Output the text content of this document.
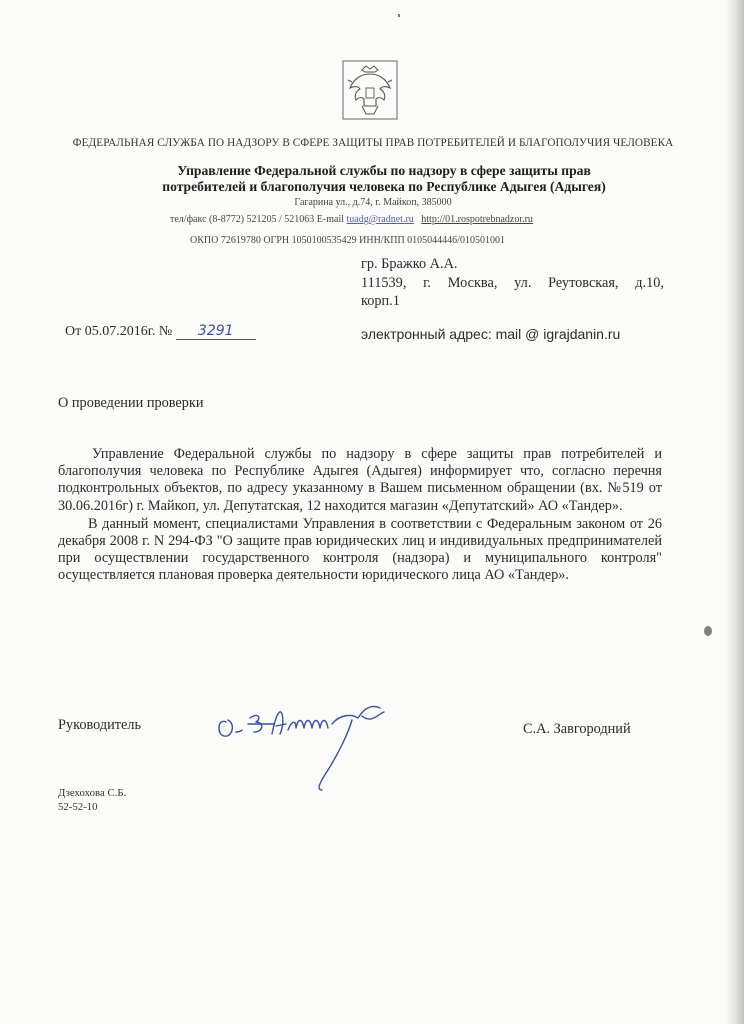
ФЕДЕРАЛЬНАЯ СЛУЖБА ПО НАДЗОРУ В СФЕРЕ ЗАЩИТЫ ПРАВ ПОТРЕБИТЕЛЕЙ И БЛАГОПОЛУЧИЯ ЧЕЛОВЕКА
Управление Федеральной службы по надзору в сфере защиты прав
потребителей и благополучия человека по Республике Адыгея (Адыгея)
Гагарина ул., д.74, г. Майкоп, 385000
тел/факс (8-8772) 521205 / 521063 E-mail tuadg@radnet.ru http://01.rospotrebnadzor.ru
ОКПО 72619780 ОГРН 1050100535429 ИНН/КПП 0105044446/010501001
гр. Бражко А.А.
111539, г. Москва, ул. Реутовская, д.10,
корп.1
От 05.07.2016г. № 3291	электронный адрес: mail @ igrajdanin.ru
О проведении проверки

Управление Федеральной службы по надзору в сфере защиты прав потребителей и благополучия человека по Республике Адыгея (Адыгея) информирует что, согласно перечня подконтрольных объектов, по адресу указанному в Вашем письменном обращении (вх. №519 от 30.06.2016г) г. Майкоп, ул. Депутатская, 12 находится магазин «Депутатский» АО «Тандер».

В данный момент, специалистами Управления в соответствии с Федеральным законом от 26 декабря 2008 г. N 294-ФЗ "О защите прав юридических лиц и индивидуальных предпринимателей при осуществлении государственного контроля (надзора) и муниципального контроля" осуществляется плановая проверка деятельности юридического лица АО «Тандер».

Руководитель	С.А. Завгородний
Дзехохова С.Б.
52-52-10
